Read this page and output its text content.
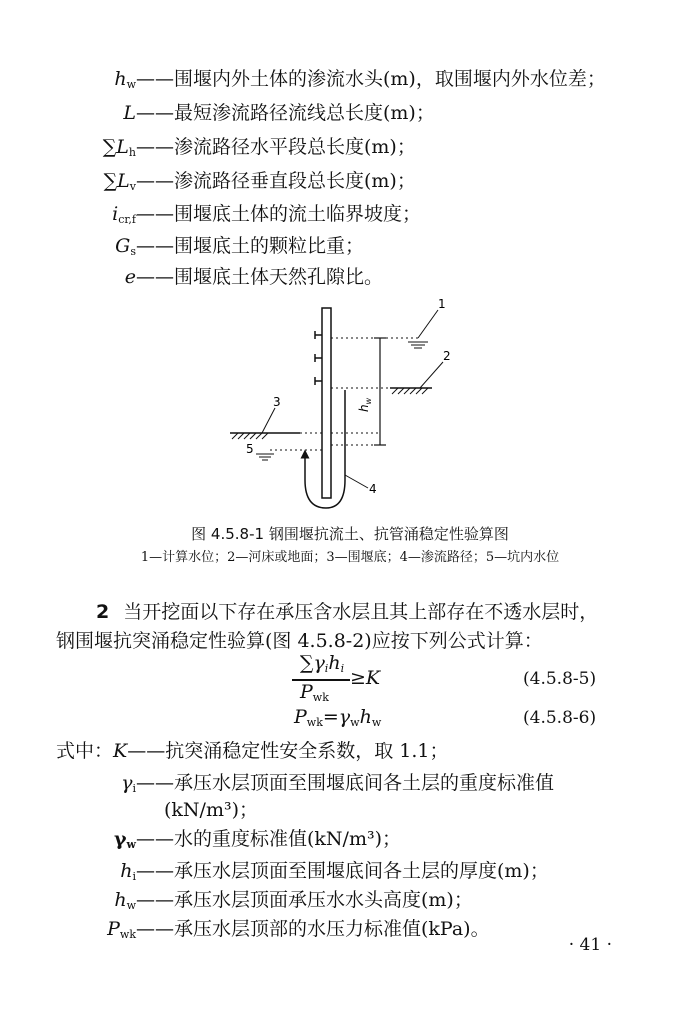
$h_w——$围堰内外土体的渗流水头(m)，取围堰内外水位差；
L——最短渗流路径流线总长度(m)；
$\sum L_h——$渗流路径水平段总长度(m)；
$\sum L_v——$渗流路径垂直段总长度(m)；
$i_{cr,f}——$围堰底土体的流土临界坡度；
$G_s——$围堰底土的颗粒比重；
e——围堰底土体天然孔隙比。
1
2
$h_w$
3
5
4
图 4.5.8-1 钢围堰抗流土、抗管涌稳定性验算图
1—计算水位；2—河床或地面；3—围堰底；4—渗流路径；5—坑内水位
2 当开挖面以下存在承压含水层且其上部存在不透水层时，
钢围堰抗突涌稳定性验算(图 4.5.8-2)应按下列公式计算：
$\sum\gamma_ih_i$
$P_{wk}$
≥K	(4.5.8-5)
$P_{wk}=\gamma_wh_w$	(4.5.8-6)
式中：K——抗突涌稳定性安全系数，取 1.1；
$\gamma_i——$承压水层顶面至围堰底间各土层的重度标准值
(kN/m³)；
$\gamma_w——$水的重度标准值(kN/m³)；
$h_i——$承压水层顶面至围堰底间各土层的厚度(m)；
$h_w——$承压水层顶面承压水水头高度(m)；
$P_{wk}——$承压水层顶部的水压力标准值(kPa)。
· 41 ·
